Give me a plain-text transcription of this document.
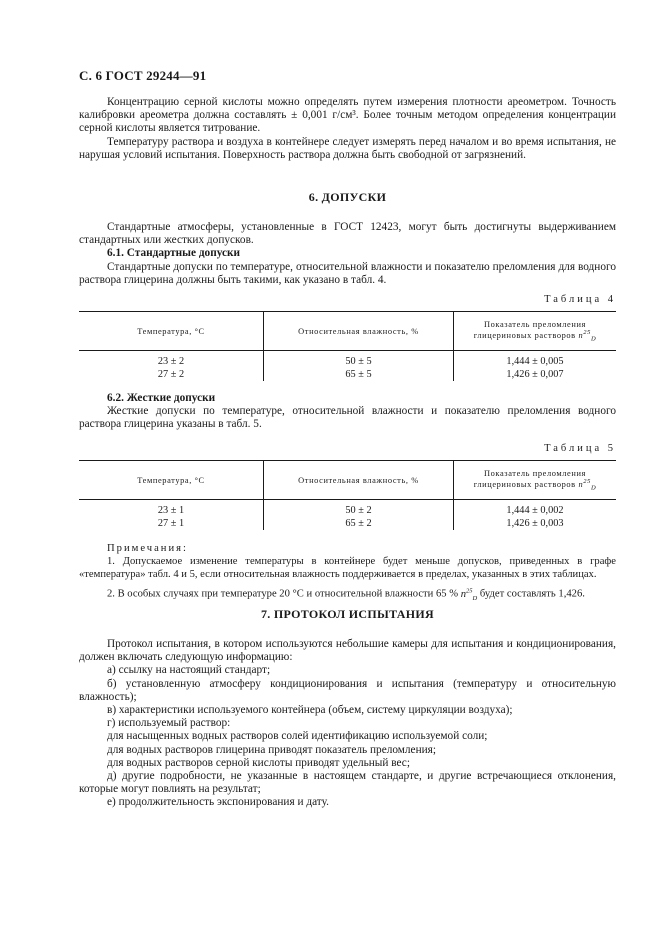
С. 6 ГОСТ 29244—91

Концентрацию серной кислоты можно определять путем измерения плотности ареометром. Точность калибровки ареометра должна составлять ± 0,001 г/см³. Более точным методом определения концентрации серной кислоты является титрование.

Температуру раствора и воздуха в контейнере следует измерять перед началом и во время испытания, не нарушая условий испытания. Поверхность раствора должна быть свободной от загрязнений.

6. ДОПУСКИ

Стандартные атмосферы, установленные в ГОСТ 12423, могут быть достигнуты выдерживанием стандартных или жестких допусков.

6.1. Стандартные допуски

Стандартные допуски по температуре, относительной влажности и показателю преломления для водного раствора глицерина должны быть такими, как указано в табл. 4.

Таблица 4

Температура, °С	Относительная влажность, %	Показатель преломления глицериновых растворов $n^{25}_D$
23 ± 2	50 ± 5	1,444 ± 0,005
27 ± 2	65 ± 5	1,426 ± 0,007

6.2. Жесткие допуски

Жесткие допуски по температуре, относительной влажности и показателю преломления водного раствора глицерина указаны в табл. 5.

Таблица 5

Температура, °С	Относительная влажность, %	Показатель преломления глицериновых растворов $n^{25}_D$
23 ± 1	50 ± 2	1,444 ± 0,002
27 ± 1	65 ± 2	1,426 ± 0,003

Примечания:

1. Допускаемое изменение температуры в контейнере будет меньше допусков, приведенных в графе «температура» табл. 4 и 5, если относительная влажность поддерживается в пределах, указанных в этих таблицах.

2. В особых случаях при температуре 20 °С и относительной влажности 65 % $n^{25}_D$ будет составлять 1,426.

7. ПРОТОКОЛ ИСПЫТАНИЯ

Протокол испытания, в котором используются небольшие камеры для испытания и кондиционирования, должен включать следующую информацию:

а) ссылку на настоящий стандарт;

б) установленную атмосферу кондиционирования и испытания (температуру и относительную влажность);

в) характеристики используемого контейнера (объем, систему циркуляции воздуха);

г) используемый раствор:

для насыщенных водных растворов солей идентификацию используемой соли;

для водных растворов глицерина приводят показатель преломления;

для водных растворов серной кислоты приводят удельный вес;

д) другие подробности, не указанные в настоящем стандарте, и другие встречающиеся отклонения, которые могут повлиять на результат;

е) продолжительность экспонирования и дату.
